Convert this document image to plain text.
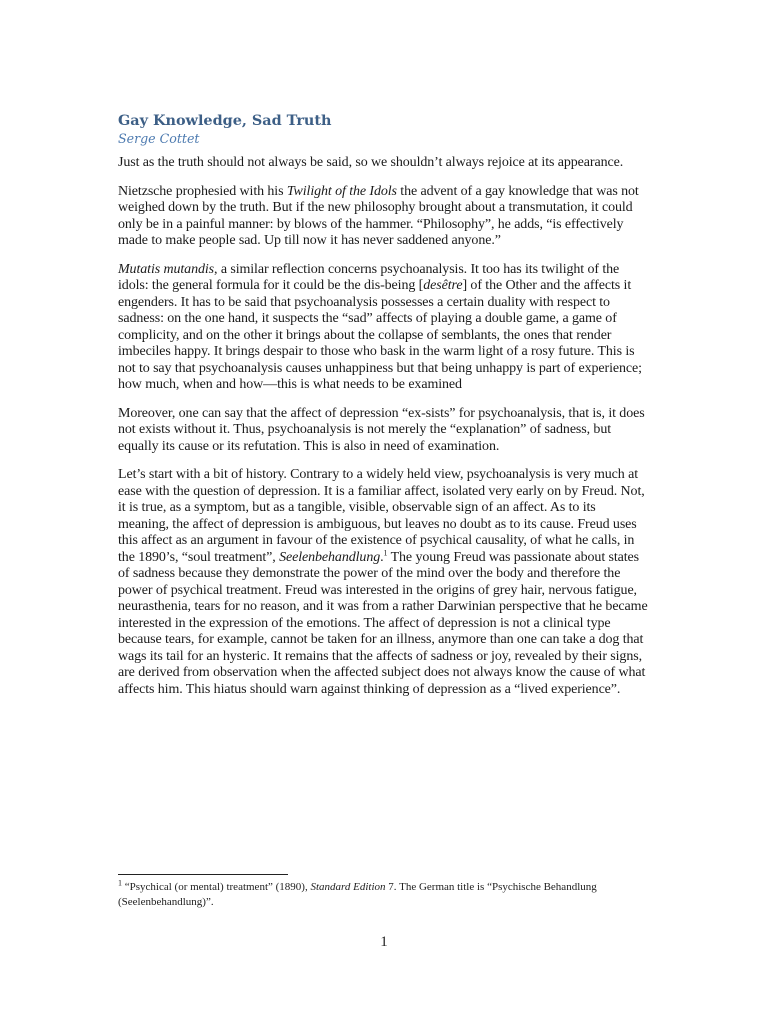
Gay Knowledge, Sad Truth
Serge Cottet

Just as the truth should not always be said, so we shouldn’t always rejoice at its appearance.

Nietzsche prophesied with his Twilight of the Idols the advent of a gay knowledge that was not weighed down by the truth. But if the new philosophy brought about a transmutation, it could only be in a painful manner: by blows of the hammer. “Philosophy”, he adds, “is effectively made to make people sad. Up till now it has never saddened anyone.”

Mutatis mutandis, a similar reflection concerns psychoanalysis. It too has its twilight of the idols: the general formula for it could be the dis-being [desêtre] of the Other and the affects it engenders. It has to be said that psychoanalysis possesses a certain duality with respect to sadness: on the one hand, it suspects the “sad” affects of playing a double game, a game of complicity, and on the other it brings about the collapse of semblants, the ones that render imbeciles happy. It brings despair to those who bask in the warm light of a rosy future. This is not to say that psychoanalysis causes unhappiness but that being unhappy is part of experience; how much, when and how—this is what needs to be examined

Moreover, one can say that the affect of depression “ex-sists” for psychoanalysis, that is, it does not exists without it. Thus, psychoanalysis is not merely the “explanation” of sadness, but equally its cause or its refutation. This is also in need of examination.

Let’s start with a bit of history. Contrary to a widely held view, psychoanalysis is very much at ease with the question of depression. It is a familiar affect, isolated very early on by Freud. Not, it is true, as a symptom, but as a tangible, visible, observable sign of an affect. As to its meaning, the affect of depression is ambiguous, but leaves no doubt as to its cause. Freud uses this affect as an argument in favour of the existence of psychical causality, of what he calls, in the 1890’s, “soul treatment”, Seelenbehandlung.$^1$ The young Freud was passionate about states of sadness because they demonstrate the power of the mind over the body and therefore the power of psychical treatment. Freud was interested in the origins of grey hair, nervous fatigue, neurasthenia, tears for no reason, and it was from a rather Darwinian perspective that he became interested in the expression of the emotions. The affect of depression is not a clinical type because tears, for example, cannot be taken for an illness, anymore than one can take a dog that wags its tail for an hysteric. It remains that the affects of sadness or joy, revealed by their signs, are derived from observation when the affected subject does not always know the cause of what affects him. This hiatus should warn against thinking of depression as a “lived experience”.

$^1$ “Psychical (or mental) treatment” (1890), Standard Edition 7. The German title is “Psychische Behandlung (Seelenbehandlung)”.
1
